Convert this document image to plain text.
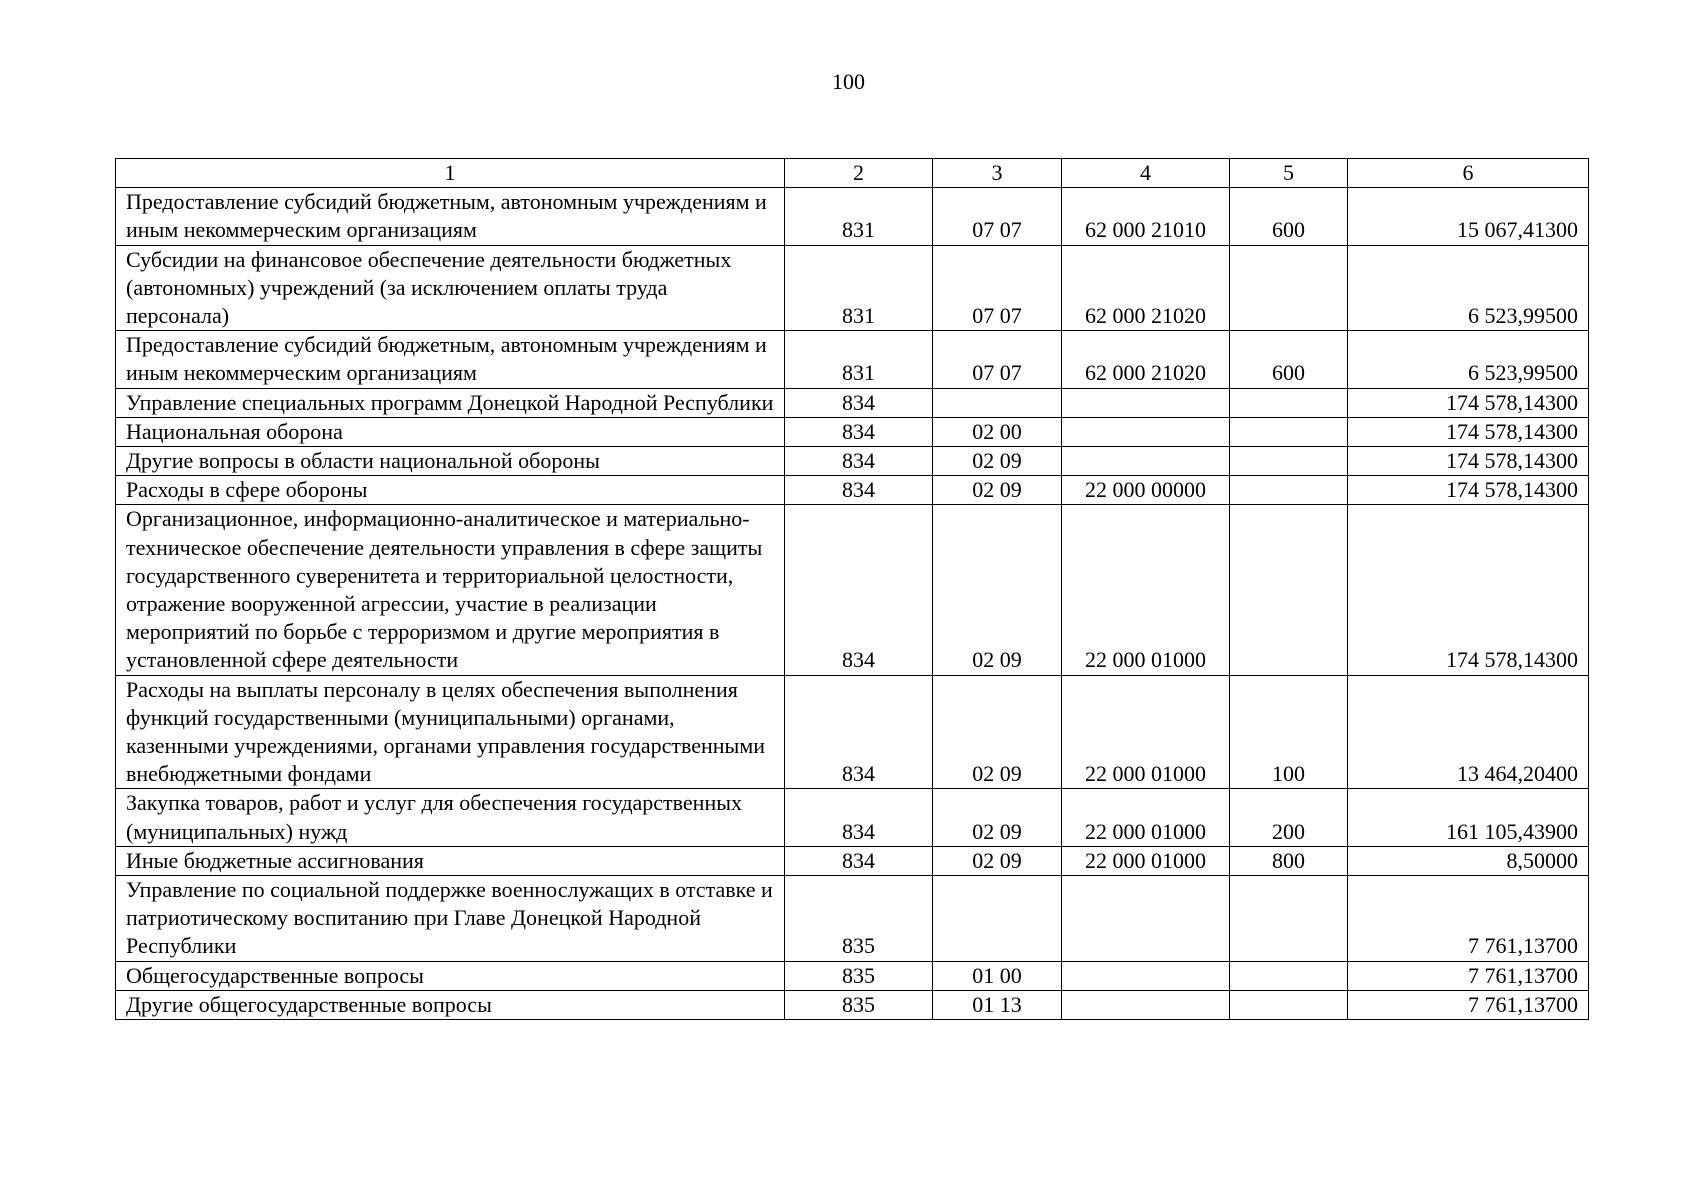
100
1	2	3	4	5	6
Предоставление субсидий бюджетным, автономным учреждениям и иным некоммерческим организациям	831	07 07	62 000 21010	600	15 067,41300
Субсидии на финансовое обеспечение деятельности бюджетных (автономных) учреждений (за исключением оплаты труда персонала)	831	07 07	62 000 21020		6 523,99500
Предоставление субсидий бюджетным, автономным учреждениям и иным некоммерческим организациям	831	07 07	62 000 21020	600	6 523,99500
Управление специальных программ Донецкой Народной Республики	834				174 578,14300
Национальная оборона	834	02 00			174 578,14300
Другие вопросы в области национальной обороны	834	02 09			174 578,14300
Расходы в сфере обороны	834	02 09	22 000 00000		174 578,14300
Организационное, информационно-аналитическое и материально-техническое обеспечение деятельности управления в сфере защиты государственного суверенитета и территориальной целостности, отражение вооруженной агрессии, участие в реализации мероприятий по борьбе с терроризмом и другие мероприятия в установленной сфере деятельности	834	02 09	22 000 01000		174 578,14300
Расходы на выплаты персоналу в целях обеспечения выполнения функций государственными (муниципальными) органами, казенными учреждениями, органами управления государственными внебюджетными фондами	834	02 09	22 000 01000	100	13 464,20400
Закупка товаров, работ и услуг для обеспечения государственных (муниципальных) нужд	834	02 09	22 000 01000	200	161 105,43900
Иные бюджетные ассигнования	834	02 09	22 000 01000	800	8,50000
Управление по социальной поддержке военнослужащих в отставке и патриотическому воспитанию при Главе Донецкой Народной Республики	835				7 761,13700
Общегосударственные вопросы	835	01 00			7 761,13700
Другие общегосударственные вопросы	835	01 13			7 761,13700
